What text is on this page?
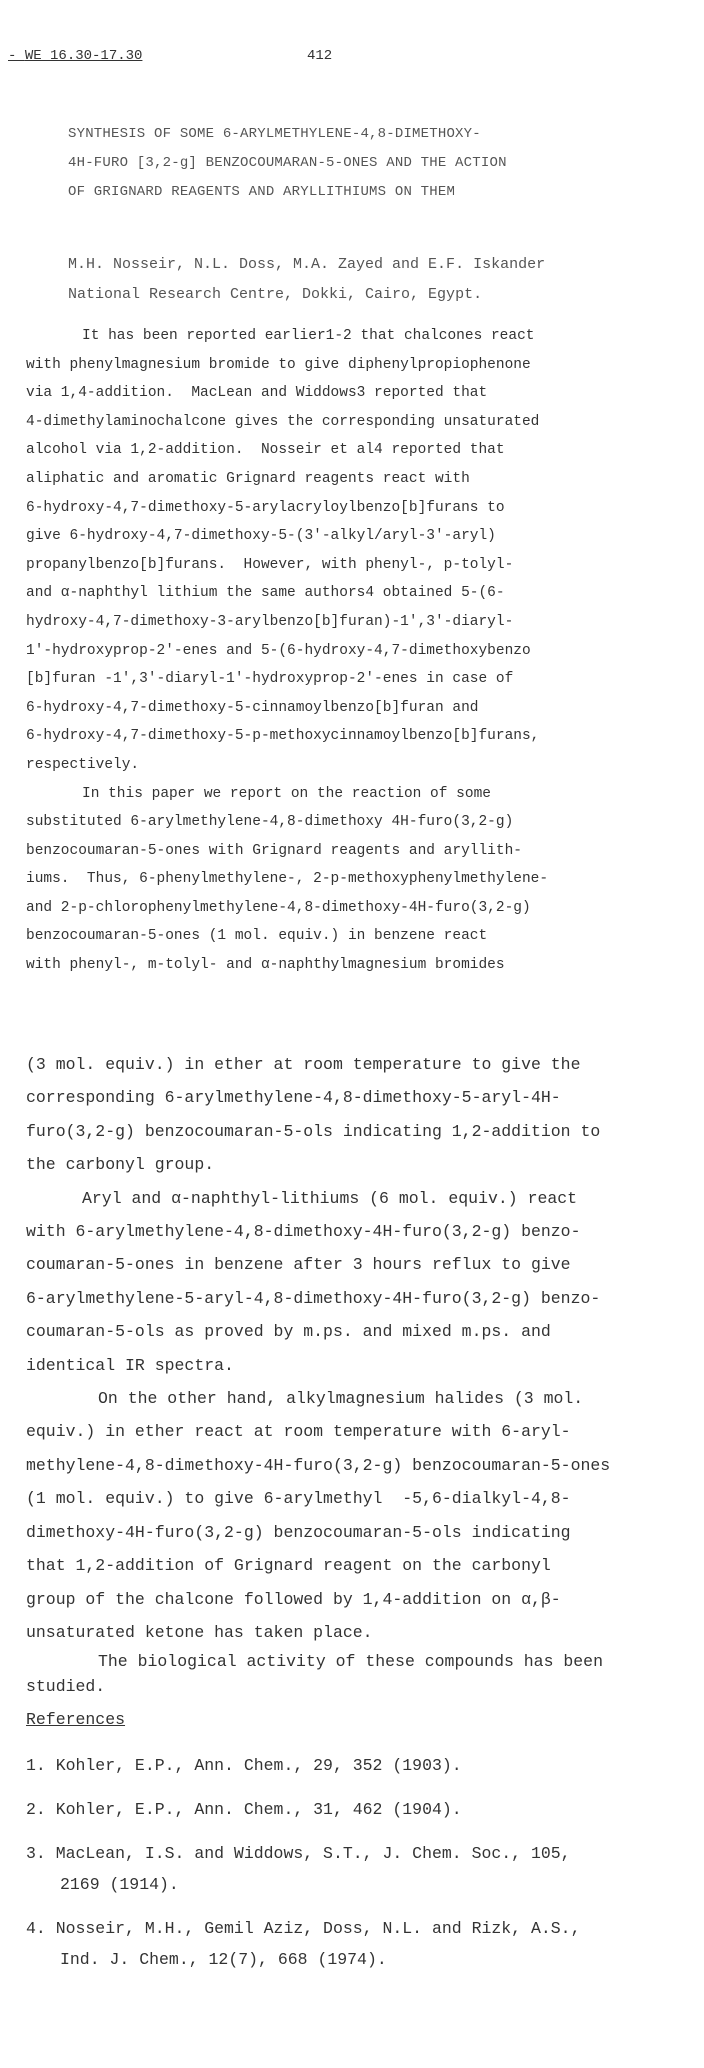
- WE 16.30-17.30	412
SYNTHESIS OF SOME 6-ARYLMETHYLENE-4,8-DIMETHOXY-
4H-FURO [3,2-g] BENZOCOUMARAN-5-ONES AND THE ACTION
OF GRIGNARD REAGENTS AND ARYLLITHIUMS ON THEM
M.H. Nosseir, N.L. Doss, M.A. Zayed and E.F. Iskander
National Research Centre, Dokki, Cairo, Egypt.

It has been reported earlier1-2 that chalcones react
with phenylmagnesium bromide to give diphenylpropiophenone
via 1,4-addition.  MacLean and Widdows3 reported that
4-dimethylaminochalcone gives the corresponding unsaturated
alcohol via 1,2-addition.  Nosseir et al4 reported that
aliphatic and aromatic Grignard reagents react with
6-hydroxy-4,7-dimethoxy-5-arylacryloylbenzo[b]furans to
give 6-hydroxy-4,7-dimethoxy-5-(3'-alkyl/aryl-3'-aryl)
propanylbenzo[b]furans.  However, with phenyl-, p-tolyl-
and α-naphthyl lithium the same authors4 obtained 5-(6-
hydroxy-4,7-dimethoxy-3-arylbenzo[b]furan)-1',3'-diaryl-
1'-hydroxyprop-2'-enes and 5-(6-hydroxy-4,7-dimethoxybenzo
[b]furan -1',3'-diaryl-1'-hydroxyprop-2'-enes in case of
6-hydroxy-4,7-dimethoxy-5-cinnamoylbenzo[b]furan and
6-hydroxy-4,7-dimethoxy-5-p-methoxycinnamoylbenzo[b]furans,
respectively.

In this paper we report on the reaction of some
substituted 6-arylmethylene-4,8-dimethoxy 4H-furo(3,2-g)
benzocoumaran-5-ones with Grignard reagents and aryllith-
iums.  Thus, 6-phenylmethylene-, 2-p-methoxyphenylmethylene-
and 2-p-chlorophenylmethylene-4,8-dimethoxy-4H-furo(3,2-g)
benzocoumaran-5-ones (1 mol. equiv.) in benzene react
with phenyl-, m-tolyl- and α-naphthylmagnesium bromides

(3 mol. equiv.) in ether at room temperature to give the
corresponding 6-arylmethylene-4,8-dimethoxy-5-aryl-4H-
furo(3,2-g) benzocoumaran-5-ols indicating 1,2-addition to
the carbonyl group.

Aryl and α-naphthyl-lithiums (6 mol. equiv.) react
with 6-arylmethylene-4,8-dimethoxy-4H-furo(3,2-g) benzo-
coumaran-5-ones in benzene after 3 hours reflux to give
6-arylmethylene-5-aryl-4,8-dimethoxy-4H-furo(3,2-g) benzo-
coumaran-5-ols as proved by m.ps. and mixed m.ps. and
identical IR spectra.

On the other hand, alkylmagnesium halides (3 mol.
equiv.) in ether react at room temperature with 6-aryl-
methylene-4,8-dimethoxy-4H-furo(3,2-g) benzocoumaran-5-ones
(1 mol. equiv.) to give 6-arylmethyl  -5,6-dialkyl-4,8-
dimethoxy-4H-furo(3,2-g) benzocoumaran-5-ols indicating
that 1,2-addition of Grignard reagent on the carbonyl
group of the chalcone followed by 1,4-addition on α,β-
unsaturated ketone has taken place.

The biological activity of these compounds has been
studied.

References
1. Kohler, E.P., Ann. Chem., 29, 352 (1903).
2. Kohler, E.P., Ann. Chem., 31, 462 (1904).
3. MacLean, I.S. and Widdows, S.T., J. Chem. Soc., 105,
2169 (1914).
4. Nosseir, M.H., Gemil Aziz, Doss, N.L. and Rizk, A.S.,
Ind. J. Chem., 12(7), 668 (1974).
